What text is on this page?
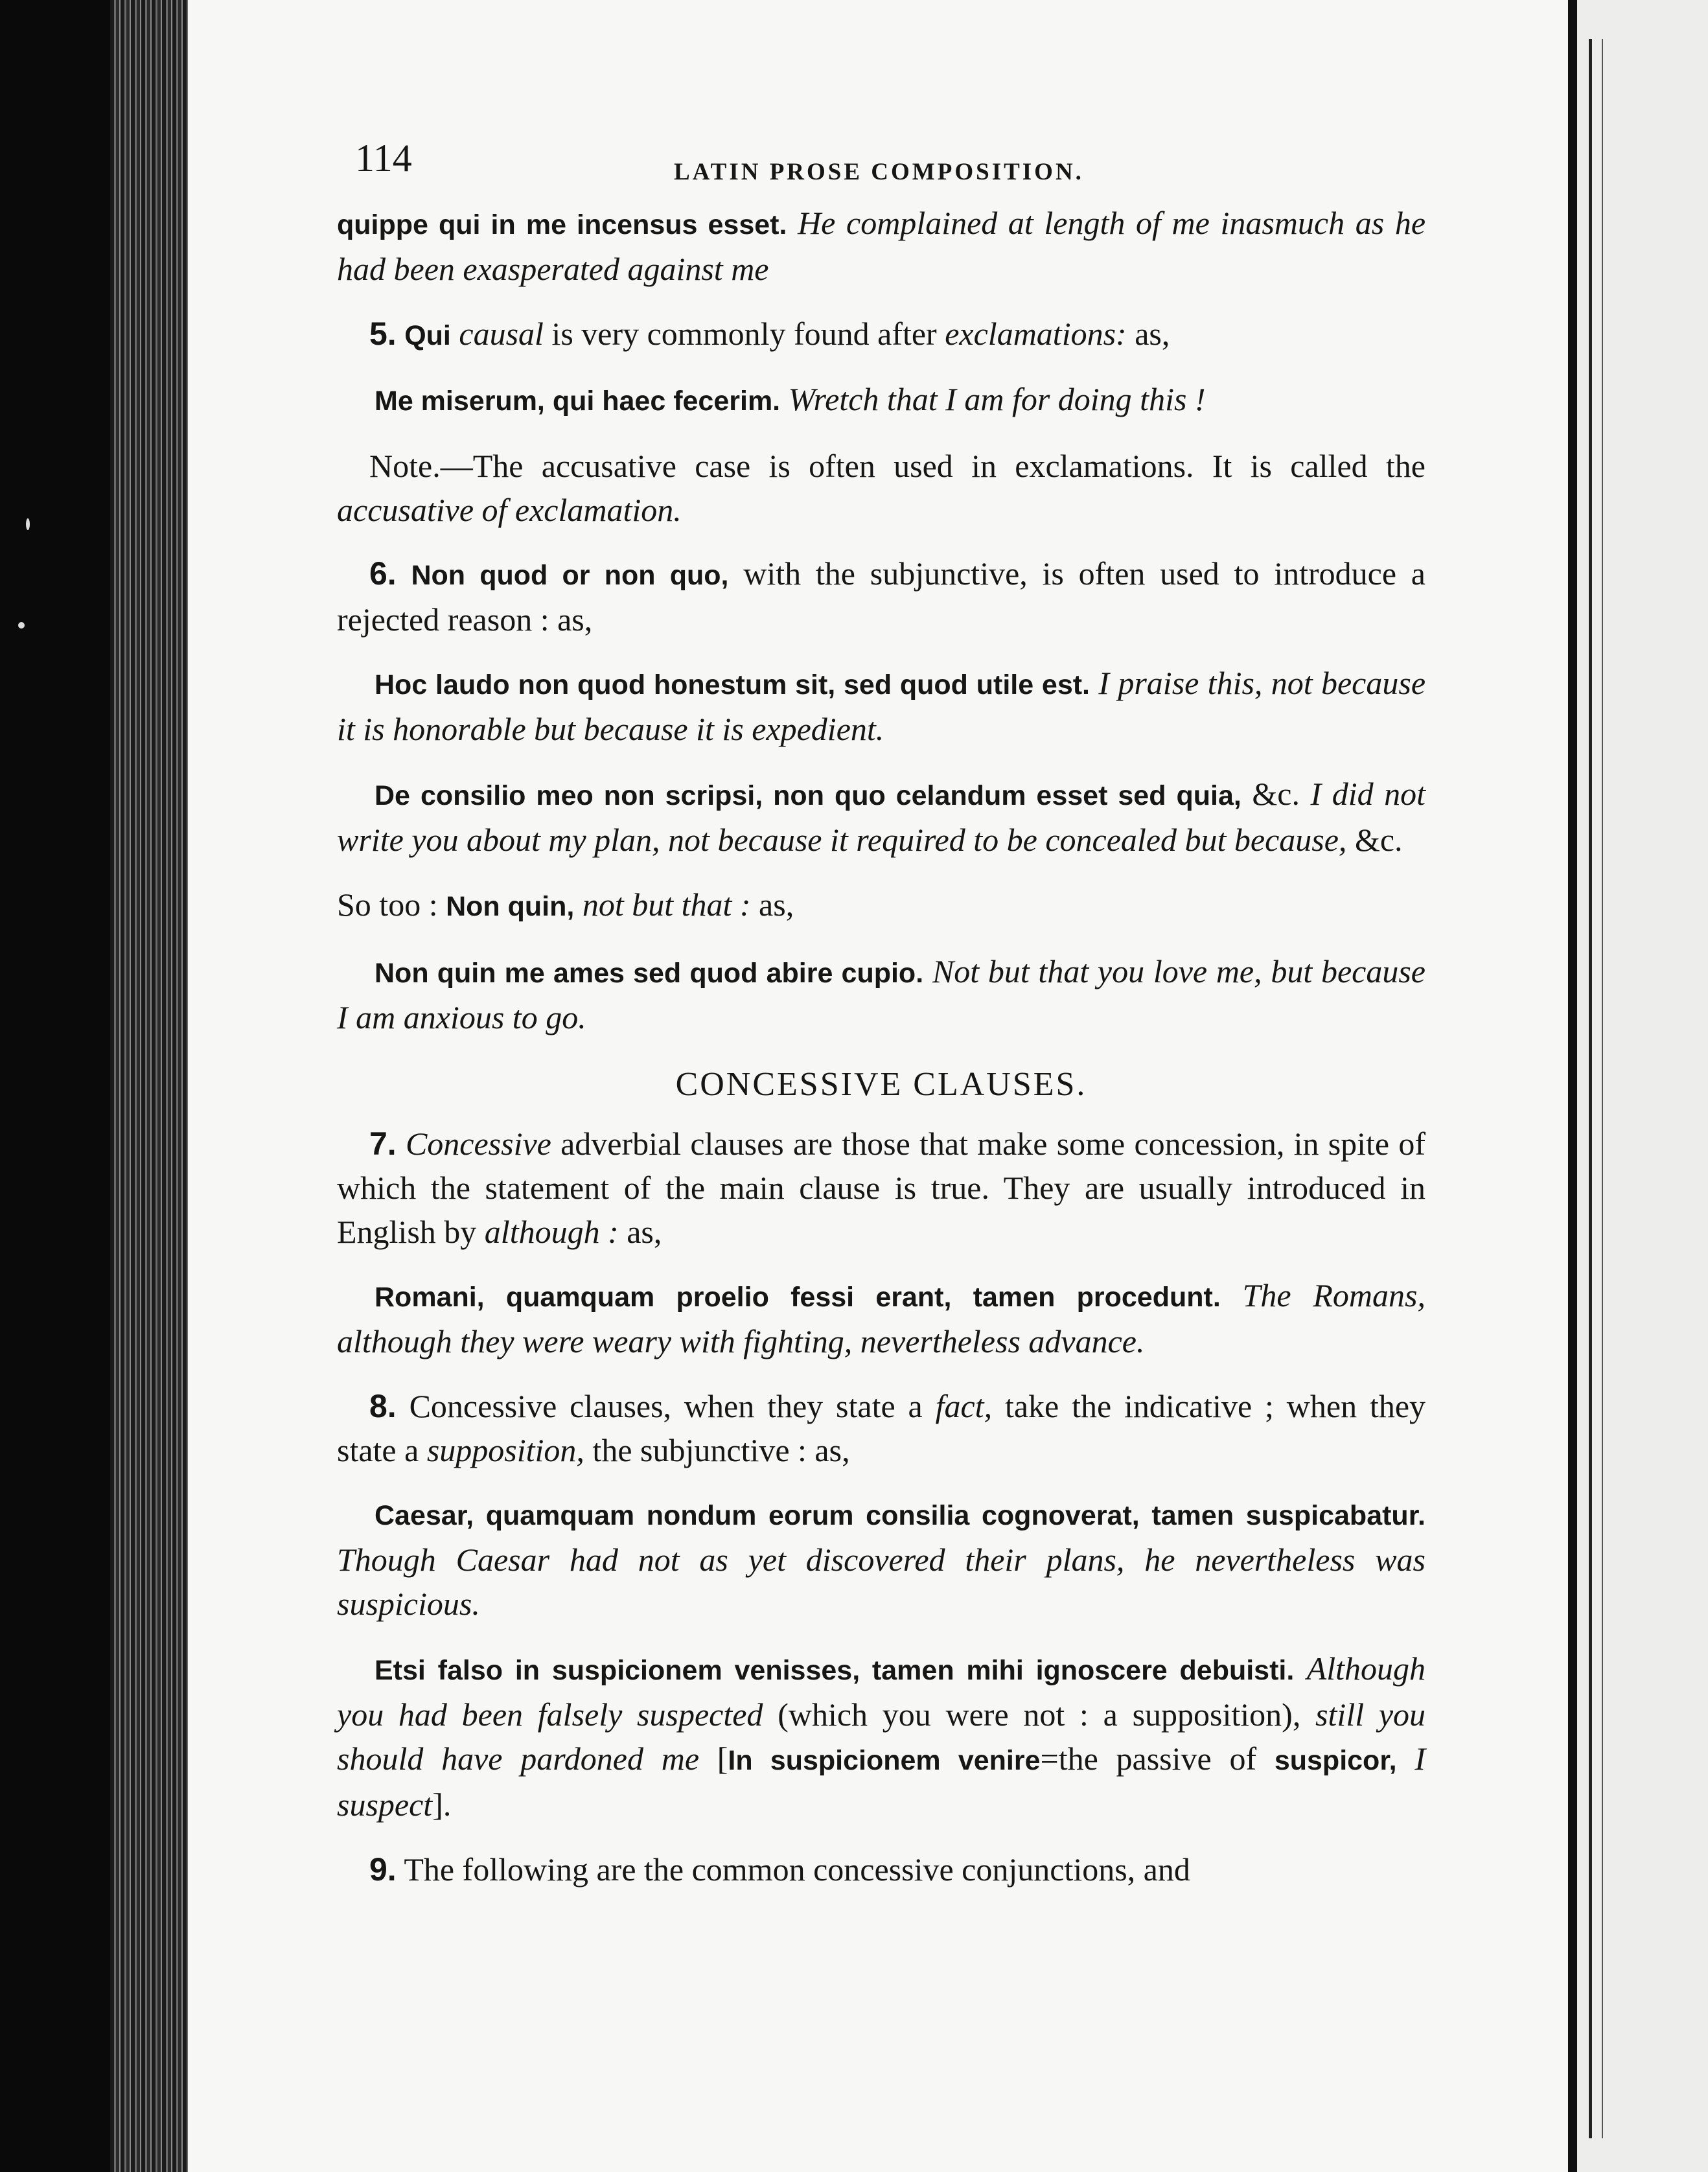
114	LATIN PROSE COMPOSITION.

quippe qui in me incensus esset. He complained at length of me inasmuch as he had been exasperated against me

5. Qui causal is very commonly found after exclamations: as,

Me miserum, qui haec fecerim. Wretch that I am for doing this !

Note.—The accusative case is often used in exclamations. It is called the accusative of exclamation.

6. Non quod or non quo, with the subjunctive, is often used to introduce a rejected reason : as,

Hoc laudo non quod honestum sit, sed quod utile est. I praise this, not because it is honorable but because it is expedient.

De consilio meo non scripsi, non quo celandum esset sed quia, &c. I did not write you about my plan, not because it required to be concealed but because, &c.

So too : Non quin, not but that : as,

Non quin me ames sed quod abire cupio. Not but that you love me, but because I am anxious to go.

CONCESSIVE CLAUSES.

7. Concessive adverbial clauses are those that make some concession, in spite of which the statement of the main clause is true. They are usually introduced in English by although : as,

Romani, quamquam proelio fessi erant, tamen procedunt. The Romans, although they were weary with fighting, nevertheless advance.

8. Concessive clauses, when they state a fact, take the indicative ; when they state a supposition, the subjunctive : as,

Caesar, quamquam nondum eorum consilia cognoverat, tamen suspicabatur. Though Caesar had not as yet discovered their plans, he nevertheless was suspicious.

Etsi falso in suspicionem venisses, tamen mihi ignoscere debuisti. Although you had been falsely suspected (which you were not : a supposition), still you should have pardoned me [In suspicionem venire=the passive of suspicor, I suspect].

9. The following are the common concessive conjunctions, and
